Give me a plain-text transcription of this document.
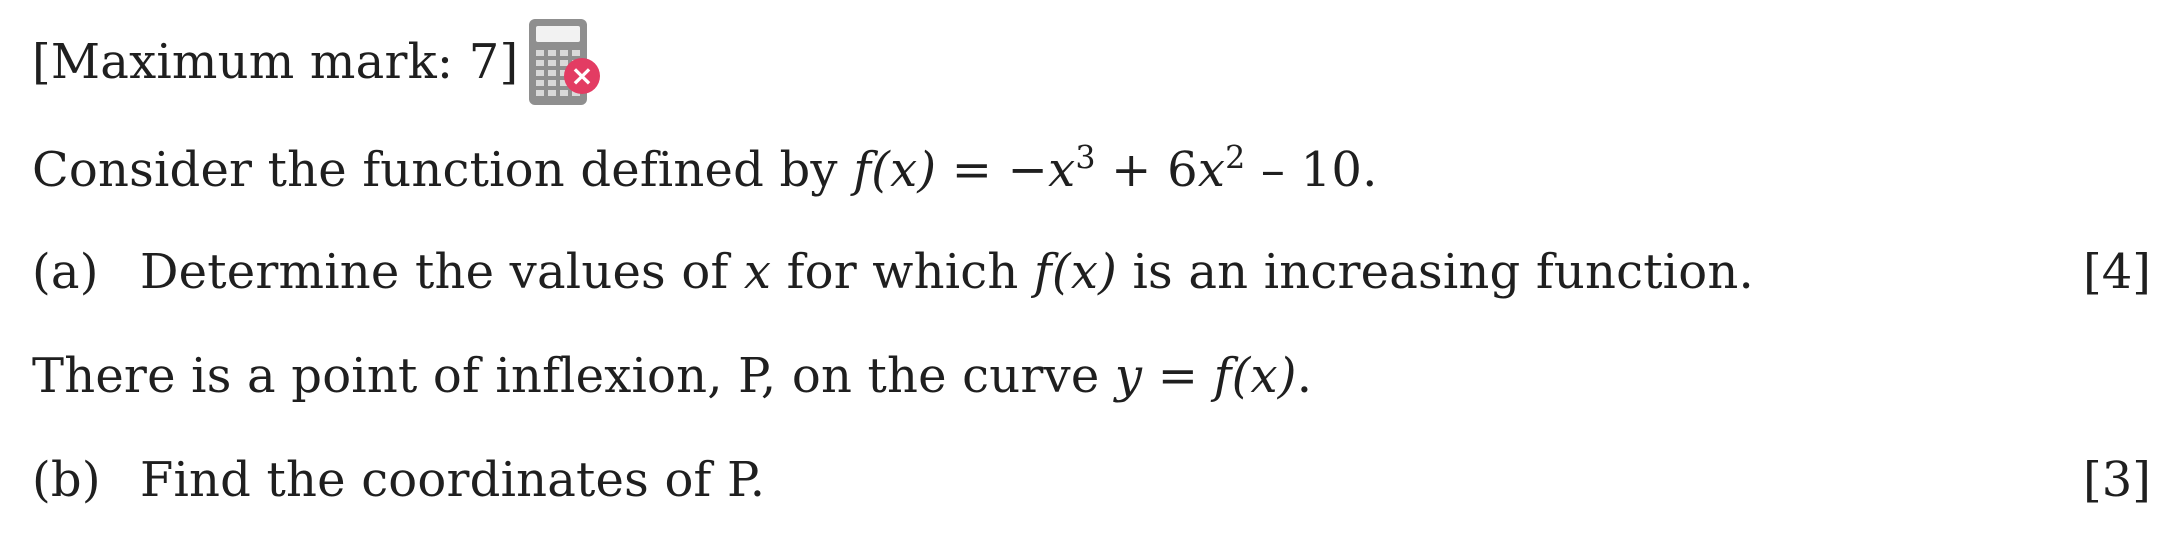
[Maximum mark: 7] ×
Consider the function defined by $f(x) = -x^3 + 6x^2 - 10$.
(a) Determine the values of x for which f(x) is an increasing function.	[4]
There is a point of inflexion, P, on the curve y = f(x).
(b) Find the coordinates of P.	[3]
